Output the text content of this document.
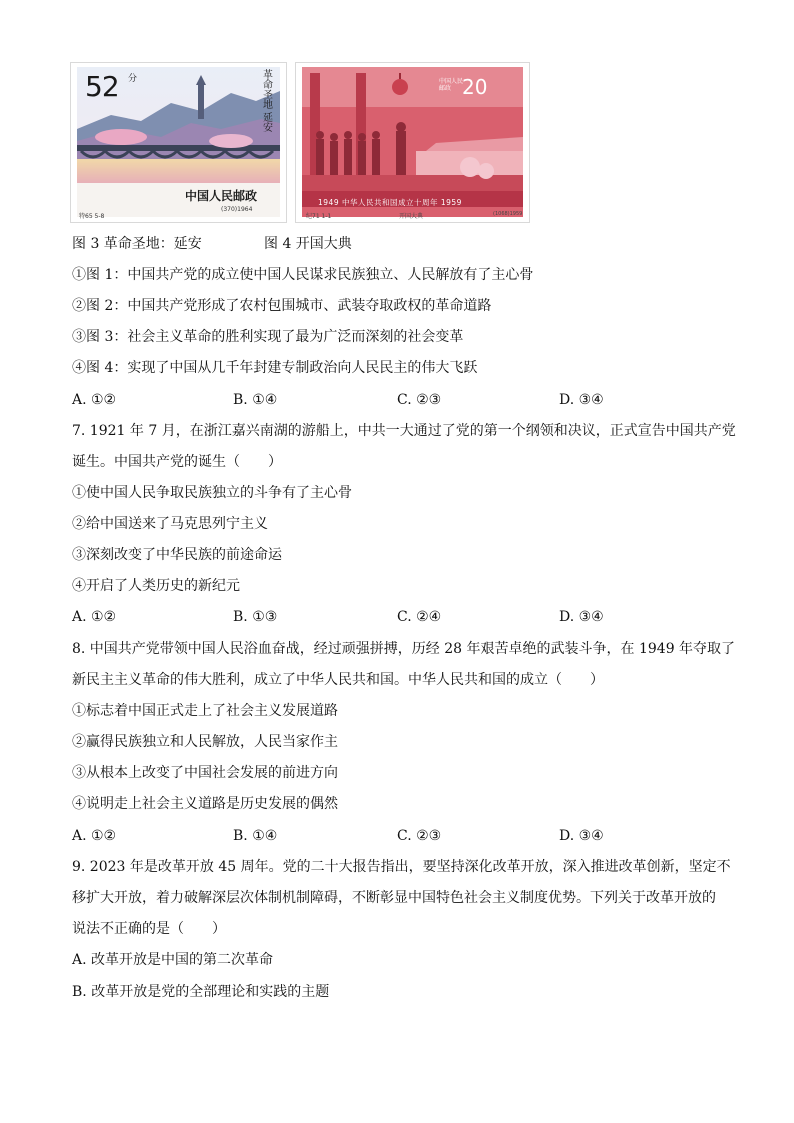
52 分	革命圣地 延安
中国人民邮政
(370)1964
特65 5-8
中国人民邮政 20
1949 中华人民共和国成立十周年 1959
纪71 1-1	开国大典	(1068)1959

图 3 革命圣地：延安	图 4 开国大典

①图 1：中国共产党的成立使中国人民谋求民族独立、人民解放有了主心骨

②图 2：中国共产党形成了农村包围城市、武装夺取政权的革命道路

③图 3：社会主义革命的胜利实现了最为广泛而深刻的社会变革

④图 4：实现了中国从几千年封建专制政治向人民民主的伟大飞跃

A. ①②	B. ①④	C. ②③	D. ③④

7. 1921 年 7 月，在浙江嘉兴南湖的游船上，中共一大通过了党的第一个纲领和决议，正式宣告中国共产党

诞生。中国共产党的诞生（　　）

①使中国人民争取民族独立的斗争有了主心骨

②给中国送来了马克思列宁主义

③深刻改变了中华民族的前途命运

④开启了人类历史的新纪元

A. ①②	B. ①③	C. ②④	D. ③④

8. 中国共产党带领中国人民浴血奋战，经过顽强拼搏，历经 28 年艰苦卓绝的武装斗争，在 1949 年夺取了

新民主主义革命的伟大胜利，成立了中华人民共和国。中华人民共和国的成立（　　）

①标志着中国正式走上了社会主义发展道路

②赢得民族独立和人民解放，人民当家作主

③从根本上改变了中国社会发展的前进方向

④说明走上社会主义道路是历史发展的偶然

A. ①②	B. ①④	C. ②③	D. ③④

9. 2023 年是改革开放 45 周年。党的二十大报告指出，要坚持深化改革开放，深入推进改革创新，坚定不

移扩大开放，着力破解深层次体制机制障碍，不断彰显中国特色社会主义制度优势。下列关于改革开放的

说法不正确的是（　　）

A. 改革开放是中国的第二次革命

B. 改革开放是党的全部理论和实践的主题
